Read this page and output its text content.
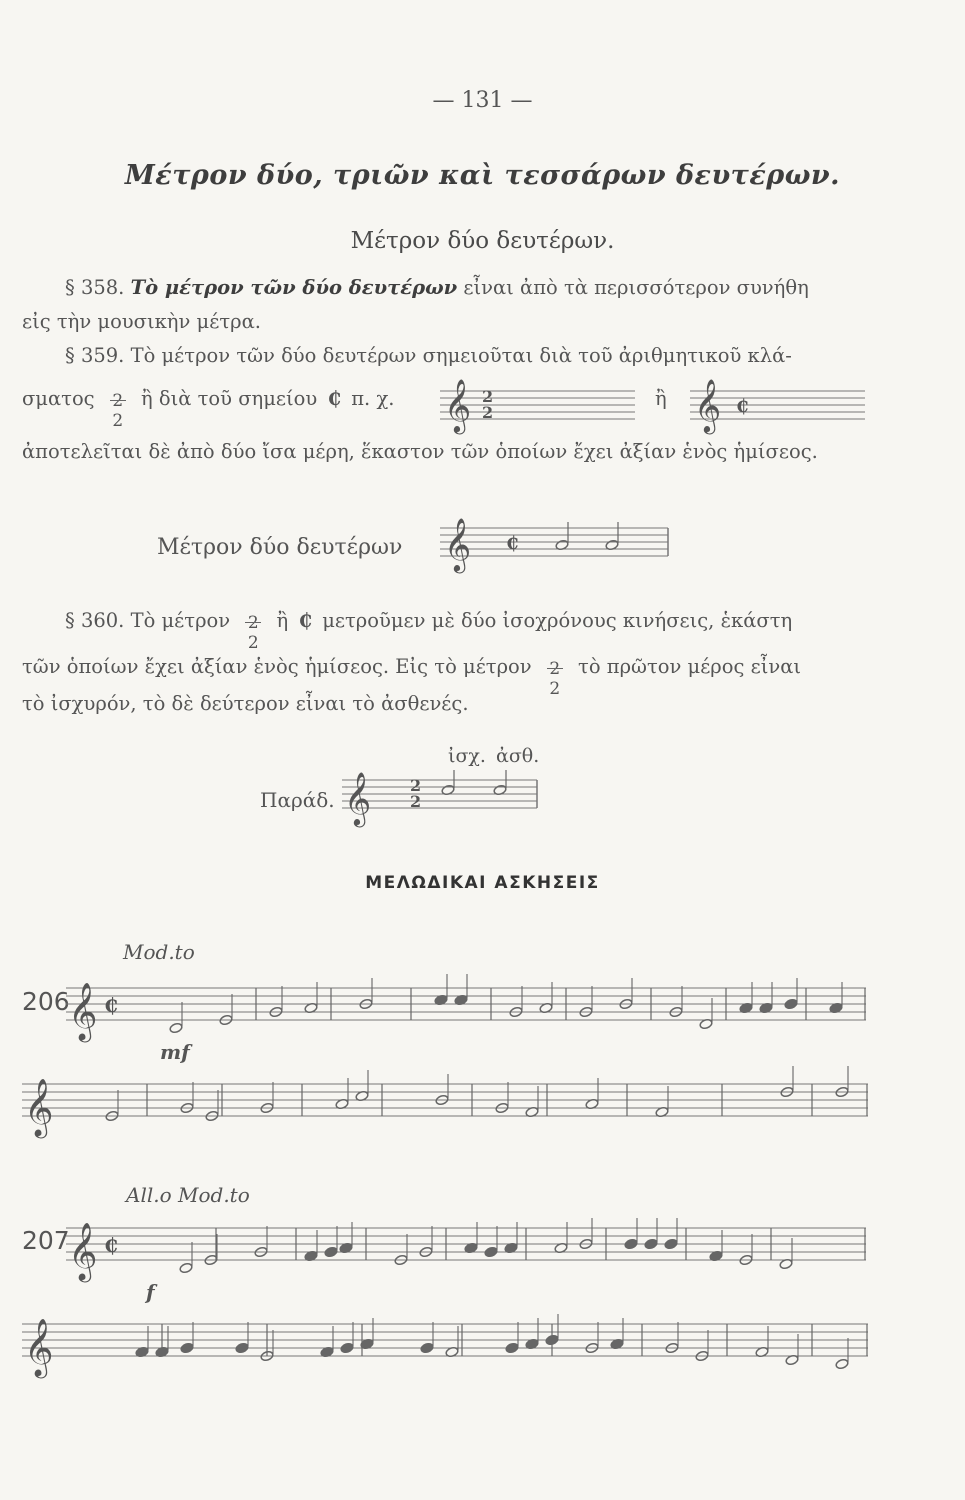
— 131 —
Μέτρον δύο, τριῶν καὶ τεσσάρων δευτέρων.
Μέτρον δύο δευτέρων.
§ 358. Τὸ μέτρον τῶν δύο δευτέρων εἶναι ἀπὸ τὰ περισσότερον συνήθη
εἰς τὴν μουσικὴν μέτρα.
§ 359. Τὸ μέτρον τῶν δύο δευτέρων σημειοῦται διὰ τοῦ ἀριθμητικοῦ κλά-
σματος 2
2
ἢ διὰ τοῦ σημείου ₵ π. χ.	ἢ
𝄞 2
2	𝄞 ₵
ἀποτελεῖται δὲ ἀπὸ δύο ἴσα μέρη, ἕκαστον τῶν ὁποίων ἔχει ἀξίαν ἑνὸς ἡμίσεος.
Μέτρον δύο δευτέρων 𝄞 ₵
§ 360. Τὸ μέτρον 2
2
ἢ ₵ μετροῦμεν μὲ δύο ἰσοχρόνους κινήσεις, ἑκάστη
τῶν ὁποίων ἔχει ἀξίαν ἑνὸς ἡμίσεος. Εἰς τὸ μέτρον 2
2
τὸ πρῶτον μέρος εἶναι
τὸ ἰσχυρόν, τὸ δὲ δεύτερον εἶναι τὸ ἀσθενές.
ἰσχ. ἀσθ.
Παράδ. 𝄞 2
2
ΜΕΛΩΔΙΚΑΙ ΑΣΚΗΣΕΙΣ
Mod.to
206
mf
𝄞 ₵
𝄞
All.o Mod.to
207
f
𝄞 ₵
𝄞
